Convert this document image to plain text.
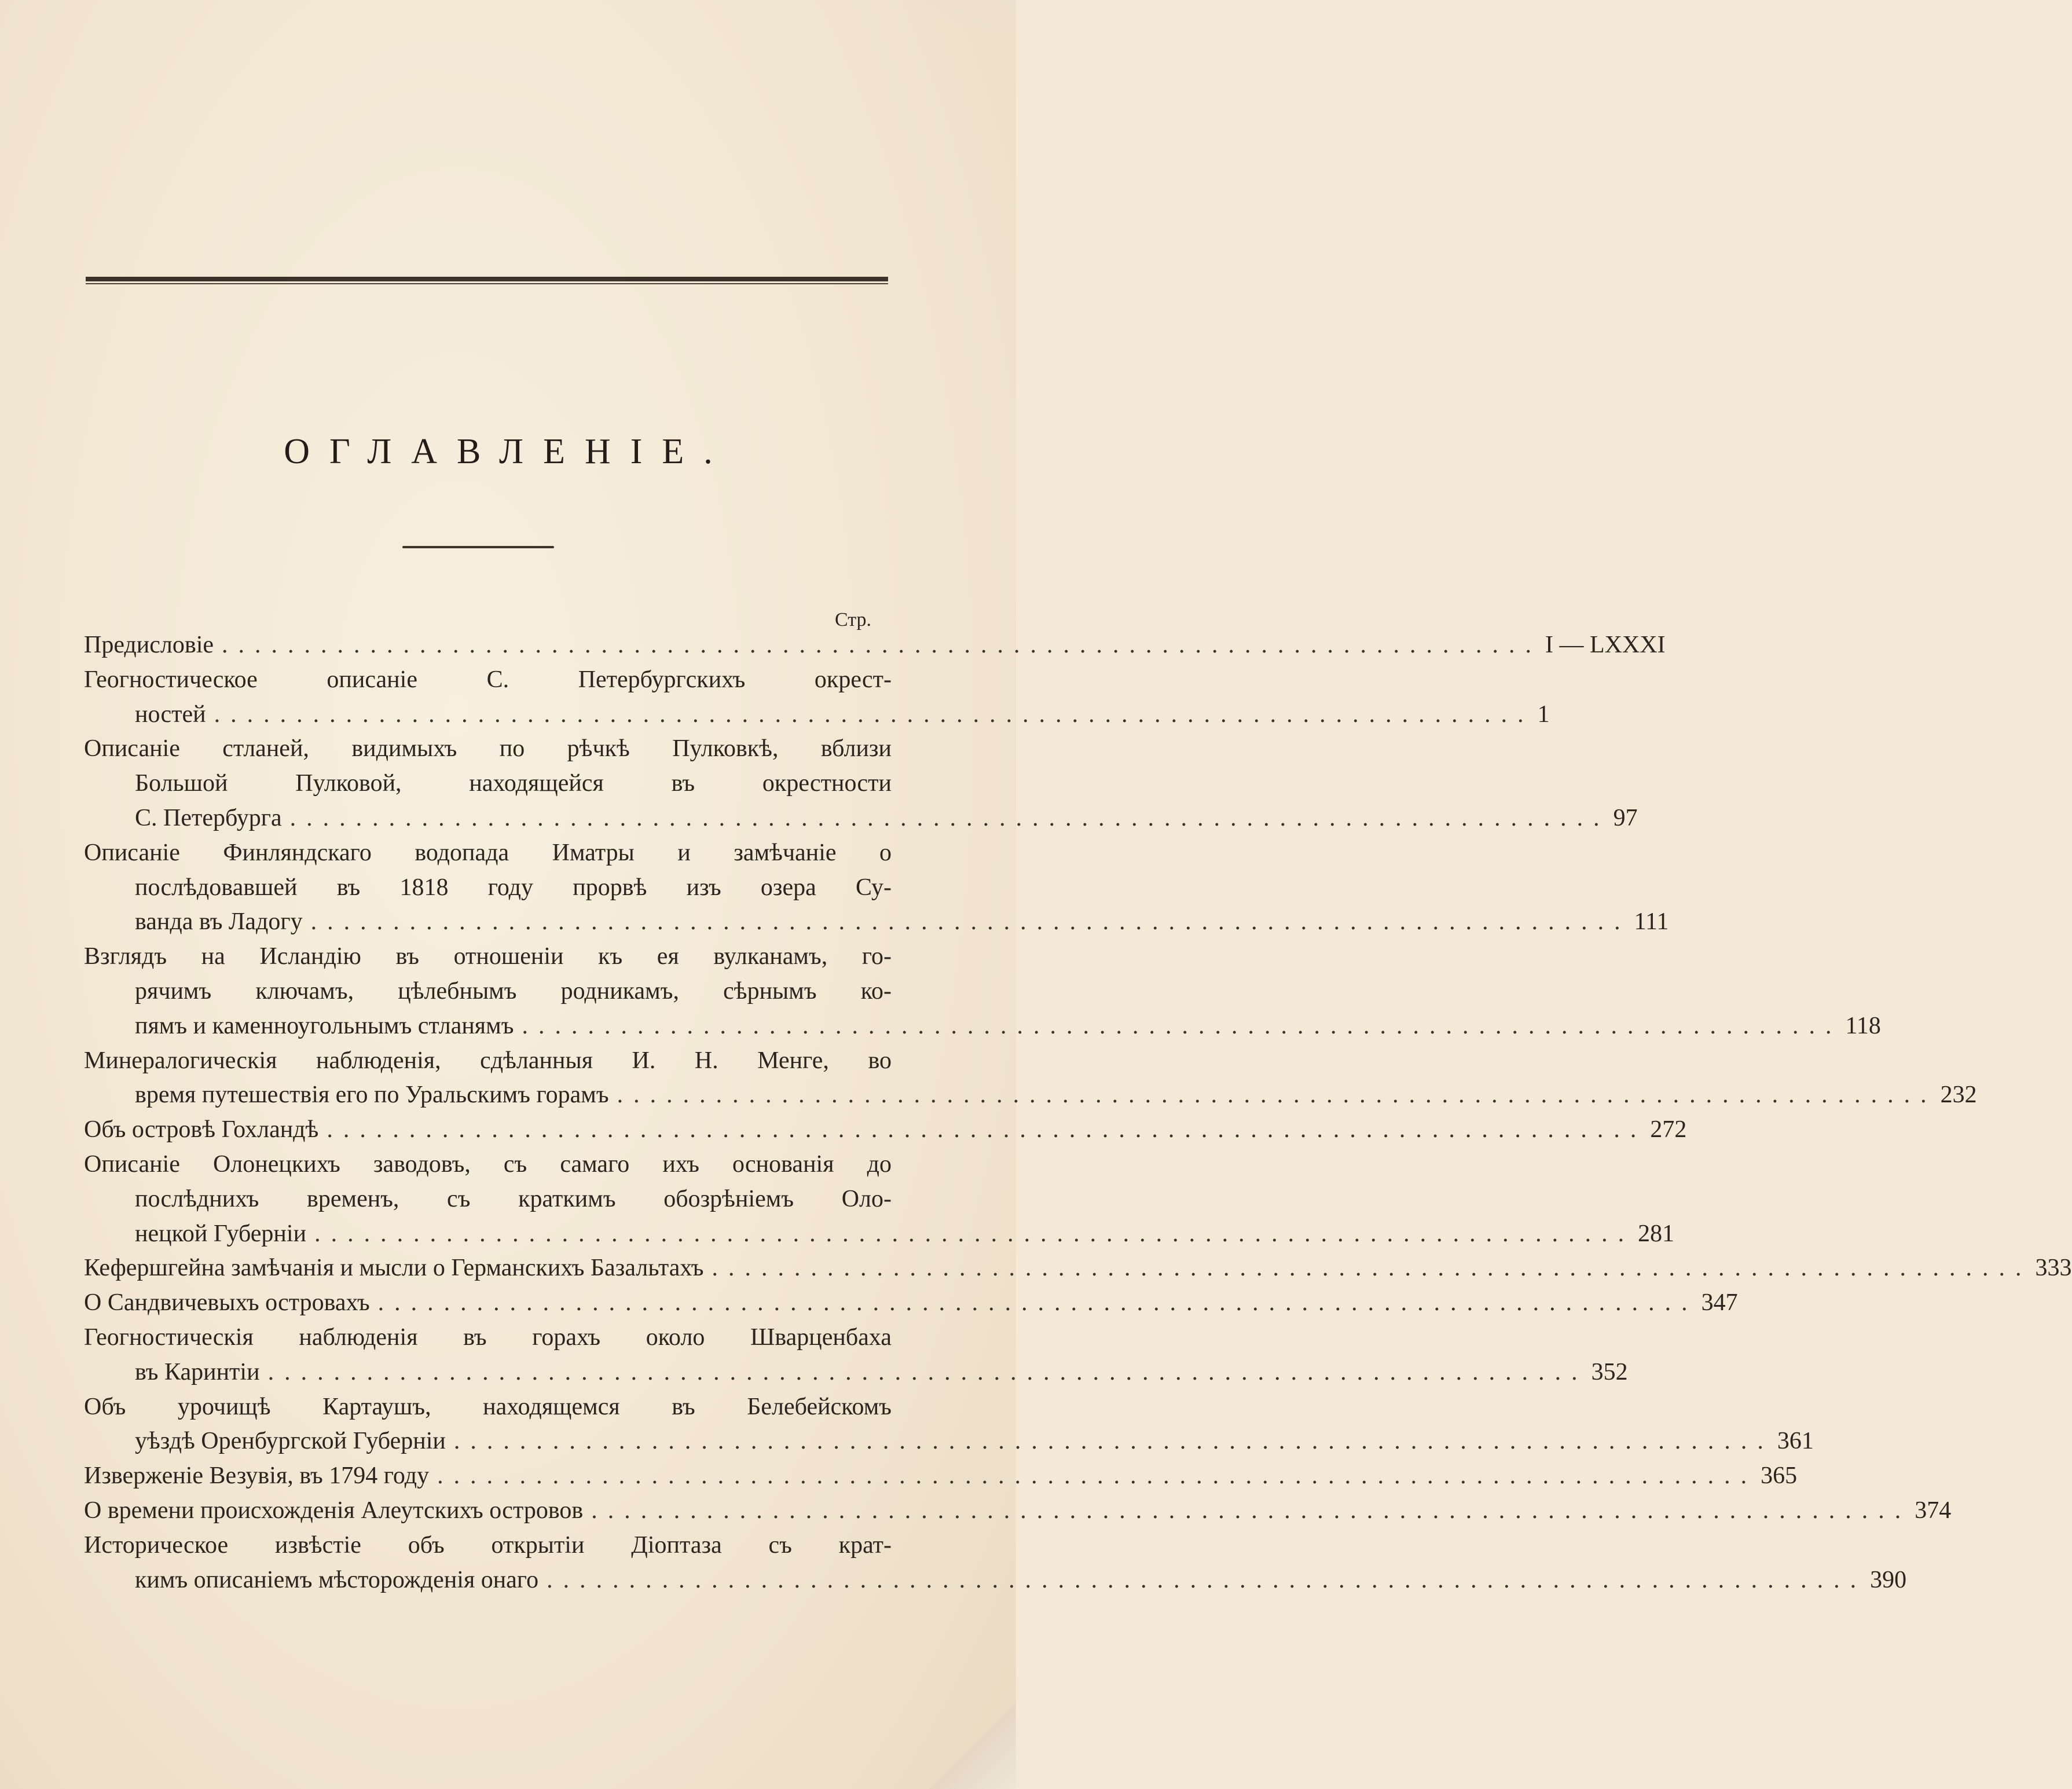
ОГЛАВЛЕНІЕ.
Стр.
Предисловіе ................................................................................ I — LXXXI
Геогностическое описаніе С. Петербургскихъ окрест-
ностей ................................................................................ 1
Описаніе стланей, видимыхъ по рѣчкѣ Пулковкѣ, вблизи
Большой Пулковой, находящейся въ окрестности
С. Петербурга ................................................................................ 97
Описаніе Финляндскаго водопада Иматры и замѣчаніе о
послѣдовавшей въ 1818 году прорвѣ изъ озера Су-
ванда въ Ладогу ................................................................................ 111
Взглядъ на Исландію въ отношеніи къ ея вулканамъ, го-
рячимъ ключамъ, цѣлебнымъ родникамъ, сѣрнымъ ко-
пямъ и каменноугольнымъ стланямъ ................................................................................ 118
Минералогическія наблюденія, сдѣланныя И. Н. Менге, во
время путешествія его по Уральскимъ горамъ ................................................................................ 232
Объ островѣ Гохландѣ ................................................................................ 272
Описаніе Олонецкихъ заводовъ, съ самаго ихъ основанія до
послѣднихъ временъ, съ краткимъ обозрѣніемъ Оло-
нецкой Губерніи ................................................................................ 281
Кефершгейна замѣчанія и мысли о Германскихъ Базальтахъ ................................................................................ 333
О Сандвичевыхъ островахъ ................................................................................ 347
Геогностическія наблюденія въ горахъ около Шварценбаха
въ Каринтіи ................................................................................ 352
Объ урочищѣ Картаушъ, находящемся въ Белебейскомъ
уѣздѣ Оренбургской Губерніи ................................................................................ 361
Изверженіе Везувія, въ 1794 году ................................................................................ 365
О времени происхожденія Алеутскихъ островов ................................................................................ 374
Историческое извѣстіе объ открытіи Діоптаза съ крат-
кимъ описаніемъ мѣсторожденія онаго ................................................................................ 390
